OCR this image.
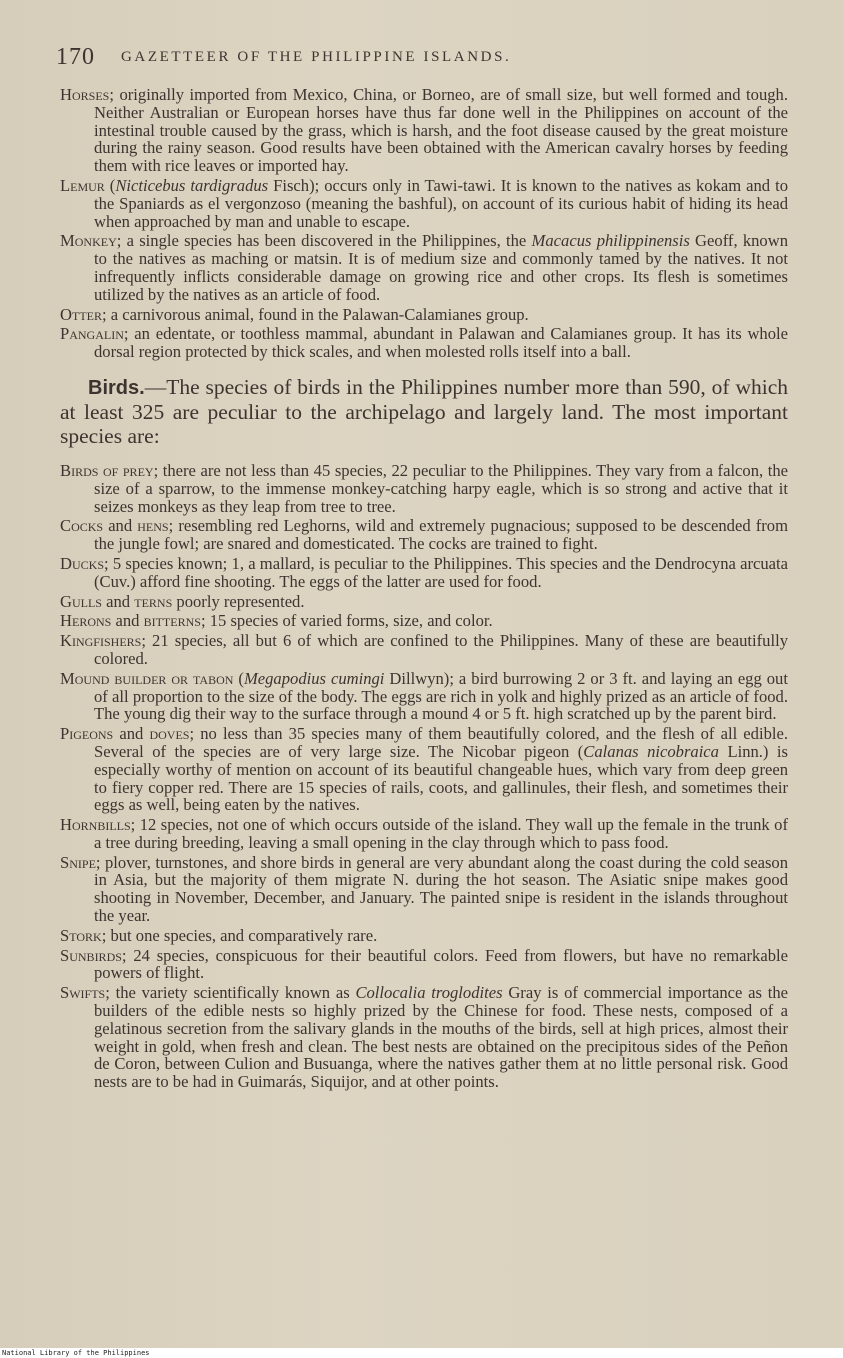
170 GAZETTEER OF THE PHILIPPINE ISLANDS.

Horses; originally imported from Mexico, China, or Borneo, are of small size, but well formed and tough. Neither Australian or European horses have thus far done well in the Philippines on account of the intestinal trouble caused by the grass, which is harsh, and the foot disease caused by the great moisture during the rainy season. Good results have been obtained with the American cavalry horses by feeding them with rice leaves or imported hay.

Lemur (Nicticebus tardigradus Fisch); occurs only in Tawi-tawi. It is known to the natives as kokam and to the Spaniards as el vergonzoso (meaning the bashful), on account of its curious habit of hiding its head when approached by man and unable to escape.

Monkey; a single species has been discovered in the Philippines, the Macacus philippinensis Geoff, known to the natives as maching or matsin. It is of medium size and commonly tamed by the natives. It not infrequently inflicts considerable damage on growing rice and other crops. Its flesh is sometimes utilized by the natives as an article of food.

Otter; a carnivorous animal, found in the Palawan-Calamianes group.

Pangalin; an edentate, or toothless mammal, abundant in Palawan and Calamianes group. It has its whole dorsal region protected by thick scales, and when molested rolls itself into a ball.

Birds.—The species of birds in the Philippines number more than 590, of which at least 325 are peculiar to the archipelago and largely land. The most important species are:

Birds of prey; there are not less than 45 species, 22 peculiar to the Philippines. They vary from a falcon, the size of a sparrow, to the immense monkey-catching harpy eagle, which is so strong and active that it seizes monkeys as they leap from tree to tree.

Cocks and hens; resembling red Leghorns, wild and extremely pugnacious; supposed to be descended from the jungle fowl; are snared and domesticated. The cocks are trained to fight.

Ducks; 5 species known; 1, a mallard, is peculiar to the Philippines. This species and the Dendrocyna arcuata (Cuv.) afford fine shooting. The eggs of the latter are used for food.

Gulls and terns poorly represented.

Herons and bitterns; 15 species of varied forms, size, and color.

Kingfishers; 21 species, all but 6 of which are confined to the Philippines. Many of these are beautifully colored.

Mound builder or tabon (Megapodius cumingi Dillwyn); a bird burrowing 2 or 3 ft. and laying an egg out of all proportion to the size of the body. The eggs are rich in yolk and highly prized as an article of food. The young dig their way to the surface through a mound 4 or 5 ft. high scratched up by the parent bird.

Pigeons and doves; no less than 35 species many of them beautifully colored, and the flesh of all edible. Several of the species are of very large size. The Nicobar pigeon (Calanas nicobraica Linn.) is especially worthy of mention on account of its beautiful changeable hues, which vary from deep green to fiery copper red. There are 15 species of rails, coots, and gallinules, their flesh, and sometimes their eggs as well, being eaten by the natives.

Hornbills; 12 species, not one of which occurs outside of the island. They wall up the female in the trunk of a tree during breeding, leaving a small opening in the clay through which to pass food.

Snipe; plover, turnstones, and shore birds in general are very abundant along the coast during the cold season in Asia, but the majority of them migrate N. during the hot season. The Asiatic snipe makes good shooting in November, December, and January. The painted snipe is resident in the islands throughout the year.

Stork; but one species, and comparatively rare.

Sunbirds; 24 species, conspicuous for their beautiful colors. Feed from flowers, but have no remarkable powers of flight.

Swifts; the variety scientifically known as Collocalia troglodites Gray is of commercial importance as the builders of the edible nests so highly prized by the Chinese for food. These nests, composed of a gelatinous secretion from the salivary glands in the mouths of the birds, sell at high prices, almost their weight in gold, when fresh and clean. The best nests are obtained on the precipitous sides of the Peñon de Coron, between Culion and Busuanga, where the natives gather them at no little personal risk. Good nests are to be had in Guimarás, Siquijor, and at other points.

National Library of the Philippines
